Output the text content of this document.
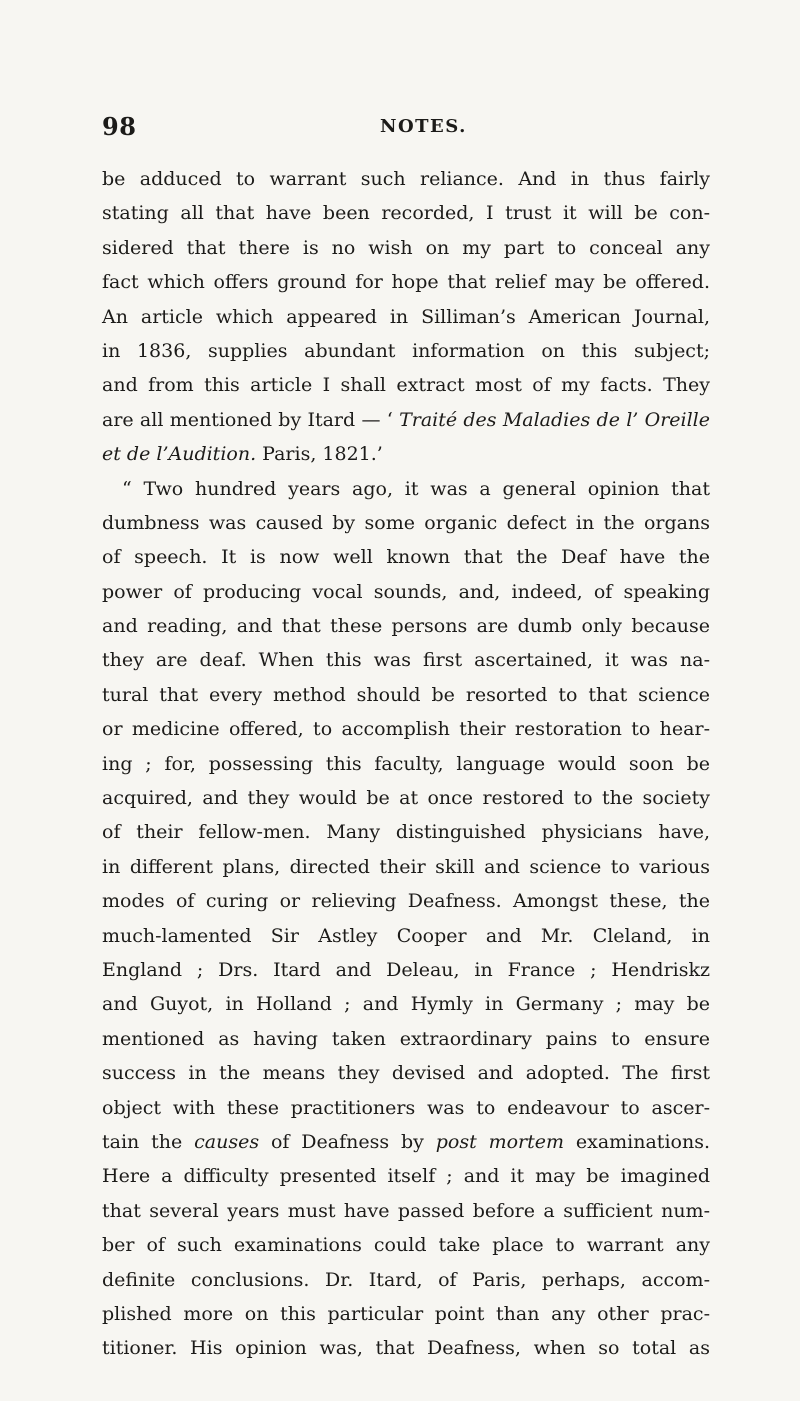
98	NOTES.
be adduced to warrant such reliance. And in thus fairly
stating all that have been recorded, I trust it will be con-
sidered that there is no wish on my part to conceal any
fact which offers ground for hope that relief may be offered.
An article which appeared in Silliman’s American Journal,
in 1836, supplies abundant information on this subject;
and from this article I shall extract most of my facts. They
are all mentioned by Itard — ‘ Traité des Maladies de l’ Oreille
et de l’Audition. Paris, 1821.’
“ Two hundred years ago, it was a general opinion that
dumbness was caused by some organic defect in the organs
of speech. It is now well known that the Deaf have the
power of producing vocal sounds, and, indeed, of speaking
and reading, and that these persons are dumb only because
they are deaf. When this was first ascertained, it was na-
tural that every method should be resorted to that science
or medicine offered, to accomplish their restoration to hear-
ing ; for, possessing this faculty, language would soon be
acquired, and they would be at once restored to the society
of their fellow-men. Many distinguished physicians have,
in different plans, directed their skill and science to various
modes of curing or relieving Deafness. Amongst these, the
much-lamented Sir Astley Cooper and Mr. Cleland, in
England ; Drs. Itard and Deleau, in France ; Hendriskz
and Guyot, in Holland ; and Hymly in Germany ; may be
mentioned as having taken extraordinary pains to ensure
success in the means they devised and adopted. The first
object with these practitioners was to endeavour to ascer-
tain the causes of Deafness by post mortem examinations.
Here a difficulty presented itself ; and it may be imagined
that several years must have passed before a sufficient num-
ber of such examinations could take place to warrant any
definite conclusions. Dr. Itard, of Paris, perhaps, accom-
plished more on this particular point than any other prac-
titioner. His opinion was, that Deafness, when so total as
